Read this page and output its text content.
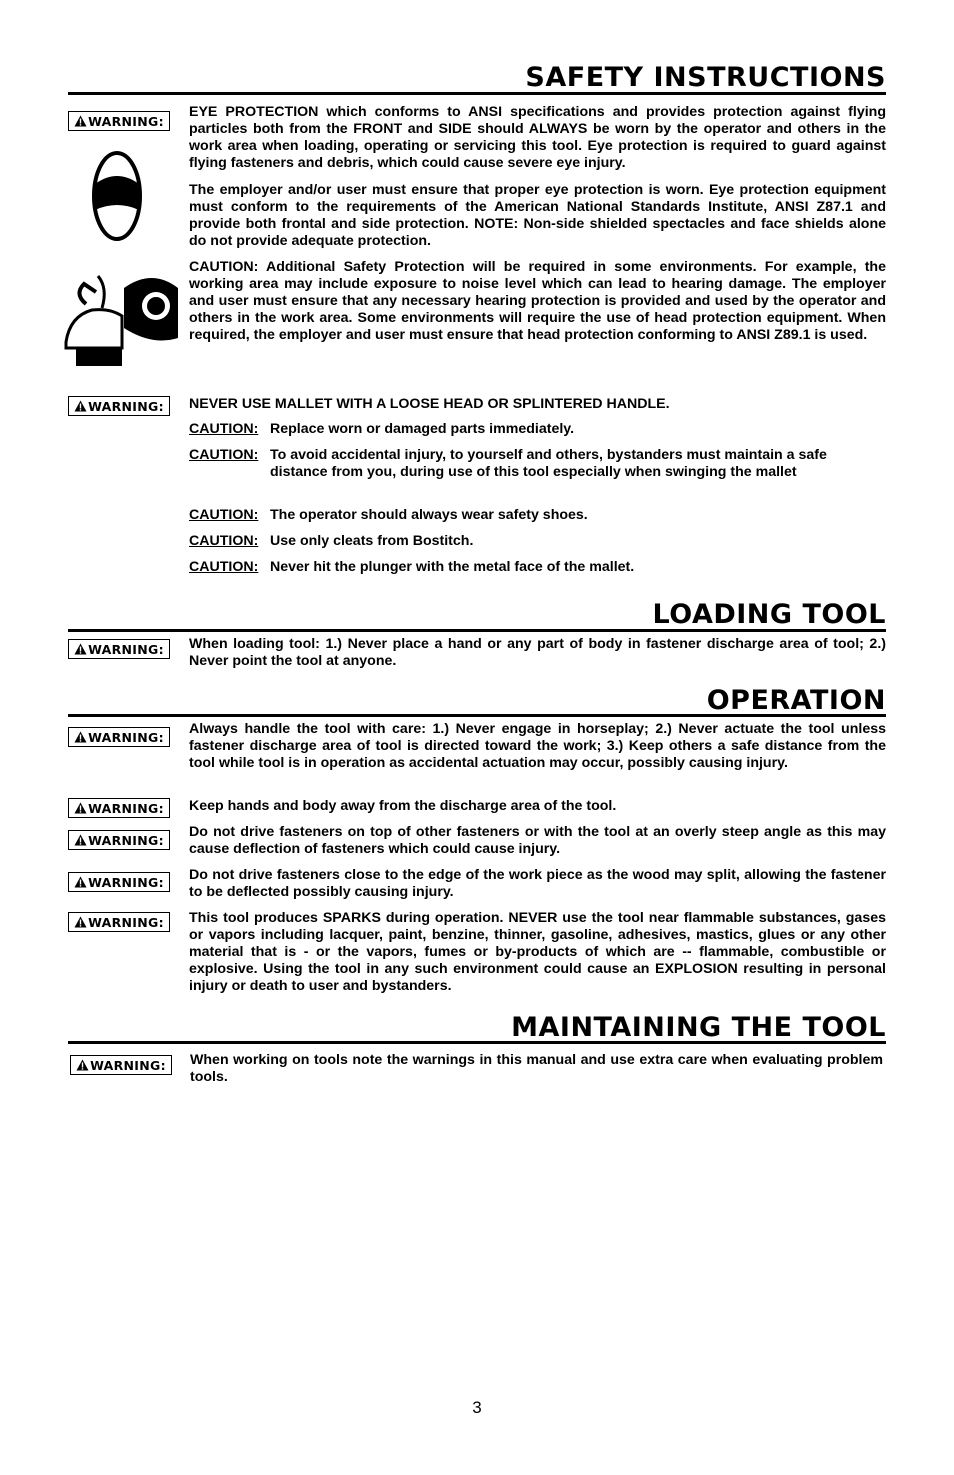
SAFETY INSTRUCTIONS
WARNING:

EYE PROTECTION which conforms to ANSI specifications and provides protection against flying particles both from the FRONT and SIDE should ALWAYS be worn by the operator and others in the work area when loading, operating or servicing this tool. Eye protection is required to guard against flying fasteners and debris, which could cause severe eye injury.

The employer and/or user must ensure that proper eye protection is worn. Eye protection equipment must conform to the requirements of the American National Standards Institute, ANSI Z87.1 and provide both frontal and side protection. NOTE: Non-side shielded spectacles and face shields alone do not provide adequate protection.

CAUTION: Additional Safety Protection will be required in some environments. For example, the working area may include exposure to noise level which can lead to hearing damage. The employer and user must ensure that any necessary hearing protection is provided and used by the operator and others in the work area. Some environments will require the use of head protection equipment. When required, the employer and user must ensure that head protection conforming to ANSI Z89.1 is used.

WARNING: NEVER USE MALLET WITH A LOOSE HEAD OR SPLINTERED HANDLE.

CAUTION: Replace worn or damaged parts immediately.
CAUTION: To avoid accidental injury, to yourself and others, bystanders must maintain a safe distance from you, during use of this tool especially when swinging the mallet
CAUTION: The operator should always wear safety shoes.
CAUTION: Use only cleats from Bostitch.
CAUTION: Never hit the plunger with the metal face of the mallet.
LOADING TOOL
WARNING: When loading tool: 1.) Never place a hand or any part of body in fastener discharge area of tool; 2.) Never point the tool at anyone.

OPERATION
WARNING: Always handle the tool with care: 1.) Never engage in horseplay; 2.) Never actuate the tool unless fastener discharge area of tool is directed toward the work; 3.) Keep others a safe distance from the tool while tool is in operation as accidental actuation may occur, possibly causing injury.

WARNING: Keep hands and body away from the discharge area of the tool.

WARNING: Do not drive fasteners on top of other fasteners or with the tool at an overly steep angle as this may cause deflection of fasteners which could cause injury.

WARNING: Do not drive fasteners close to the edge of the work piece as the wood may split, allowing the fastener to be deflected possibly causing injury.

WARNING: This tool produces SPARKS during operation. NEVER use the tool near flammable substances, gases or vapors including lacquer, paint, benzine, thinner, gasoline, adhesives, mastics, glues or any other material that is - or the vapors, fumes or by-products of which are -- flammable, combustible or explosive. Using the tool in any such environment could cause an EXPLOSION resulting in personal injury or death to user and bystanders.

MAINTAINING THE TOOL
WARNING: When working on tools note the warnings in this manual and use extra care when evaluating problem tools.

3
